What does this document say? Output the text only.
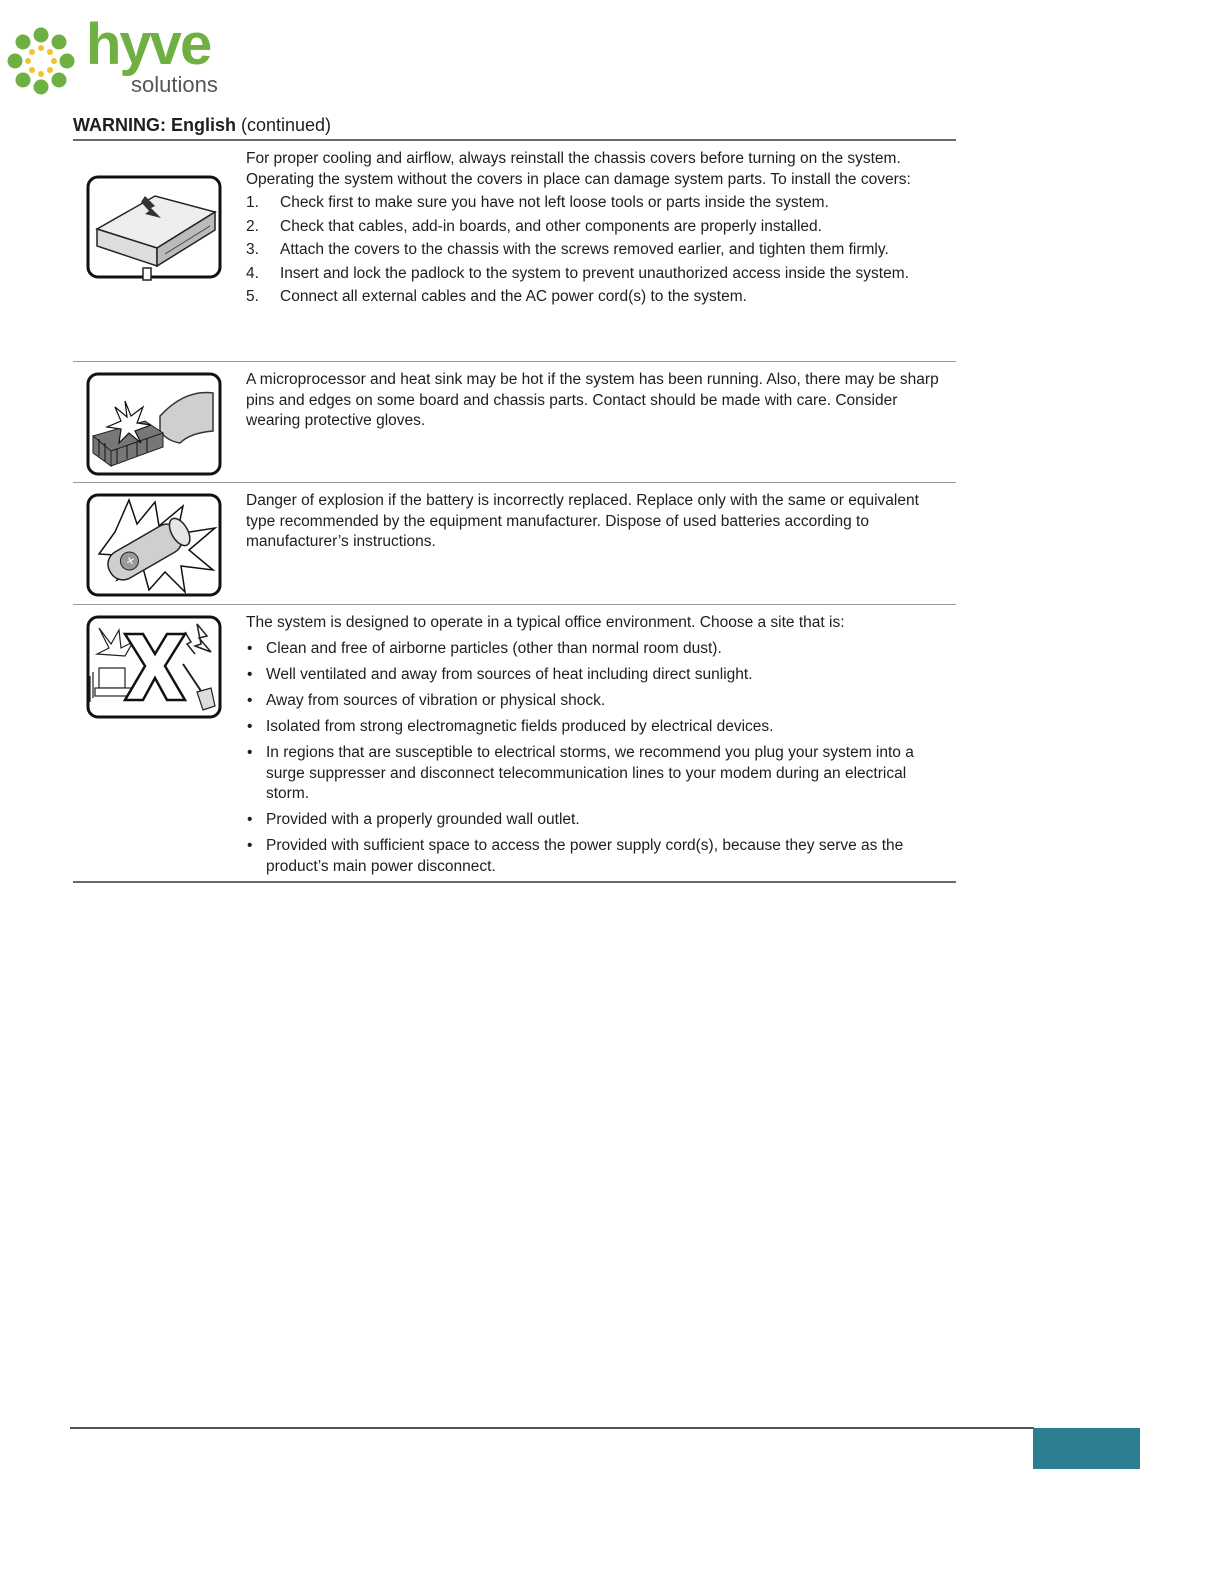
hyve
solutions
WARNING: English (continued)

For proper cooling and airflow, always reinstall the chassis covers before turning on the system. Operating the system without the covers in place can damage system parts. To install the covers:

1. Check first to make sure you have not left loose tools or parts inside the system.
2. Check that cables, add-in boards, and other components are properly installed.
3. Attach the covers to the chassis with the screws removed earlier, and tighten them firmly.
4. Insert and lock the padlock to the system to prevent unauthorized access inside the system.
5. Connect all external cables and the AC power cord(s) to the system.

A microprocessor and heat sink may be hot if the system has been running. Also, there may be sharp pins and edges on some board and chassis parts. Contact should be made with care. Consider wearing protective gloves.

+

Danger of explosion if the battery is incorrectly replaced. Replace only with the same or equivalent type recommended by the equipment manufacturer. Dispose of used batteries according to manufacturer’s instructions.

The system is designed to operate in a typical office environment. Choose a site that is:

• Clean and free of airborne particles (other than normal room dust).
• Well ventilated and away from sources of heat including direct sunlight.
• Away from sources of vibration or physical shock.
• Isolated from strong electromagnetic fields produced by electrical devices.
• In regions that are susceptible to electrical storms, we recommend you plug your system into a surge suppresser and disconnect telecommunication lines to your modem during an electrical storm.
• Provided with a properly grounded wall outlet.
• Provided with sufficient space to access the power supply cord(s), because they serve as the product’s main power disconnect.
